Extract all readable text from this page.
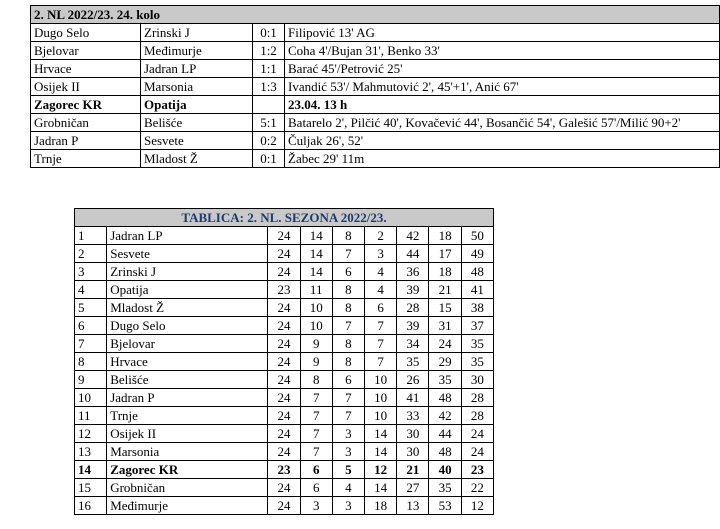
2. NL 2022/23. 24. kolo			
Dugo Selo	Zrinski J	0:1	Filipović 13' AG
Bjelovar	Međimurje	1:2	Coha 4'/Bujan 31', Benko 33'
Hrvace	Jadran LP	1:1	Barać 45'/Petrović 25'
Osijek II	Marsonia	1:3	Ivandić 53'/ Mahmutović 2', 45'+1', Anić 67'
Zagorec KR	Opatija		23.04. 13 h
Grobničan	Belišće	5:1	Batarelo 2', Pilčić 40', Kovačević 44', Bosančić 54', Galešić 57'/Milić 90+2'
Jadran P	Sesvete	0:2	Čuljak 26', 52'
Trnje	Mladost Ž	0:1	Žabec 29' 11m
TABLICA: 2. NL. SEZONA 2022/23.								
1	Jadran LP	24	14	8	2	42	18	50
2	Sesvete	24	14	7	3	44	17	49
3	Zrinski J	24	14	6	4	36	18	48
4	Opatija	23	11	8	4	39	21	41
5	Mladost Ž	24	10	8	6	28	15	38
6	Dugo Selo	24	10	7	7	39	31	37
7	Bjelovar	24	9	8	7	34	24	35
8	Hrvace	24	9	8	7	35	29	35
9	Belišće	24	8	6	10	26	35	30
10	Jadran P	24	7	7	10	41	48	28
11	Trnje	24	7	7	10	33	42	28
12	Osijek II	24	7	3	14	30	44	24
13	Marsonia	24	7	3	14	30	48	24
14	Zagorec KR	23	6	5	12	21	40	23
15	Grobničan	24	6	4	14	27	35	22
16	Međimurje	24	3	3	18	13	53	12
